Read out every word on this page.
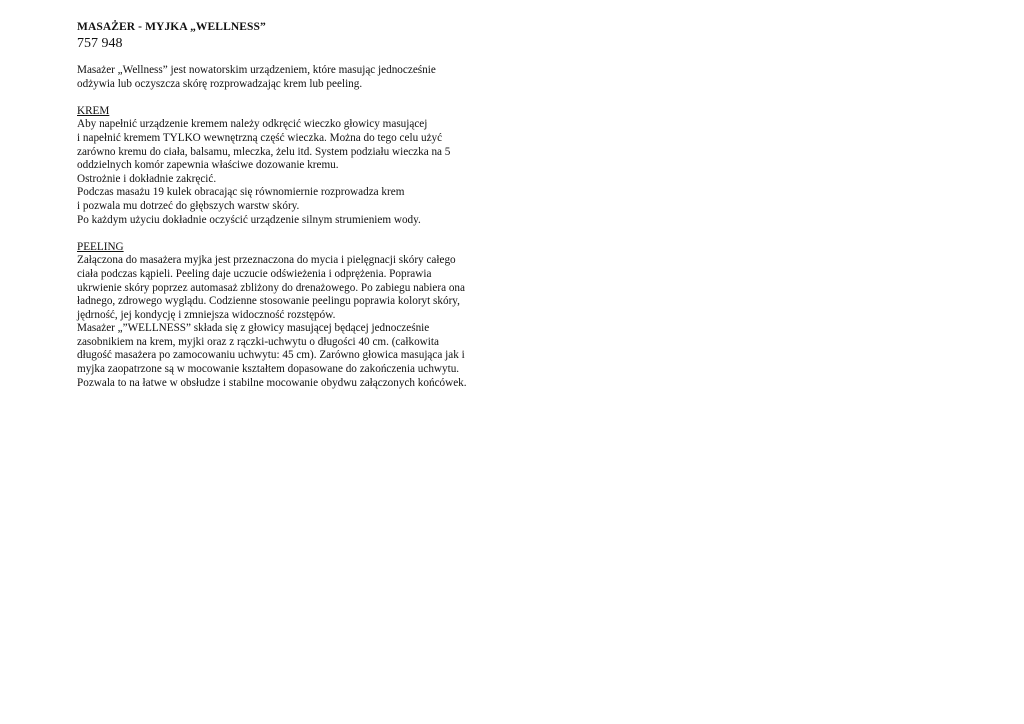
MASAŻER - MYJKA „WELLNESS”
757 948

Masażer „Wellness” jest nowatorskim urządzeniem, które masując jednocześnie
odżywia lub oczyszcza skórę rozprowadzając krem lub peeling.

KREM
Aby napełnić urządzenie kremem należy odkręcić wieczko głowicy masującej
i napełnić kremem TYLKO wewnętrzną część wieczka. Można do tego celu użyć
zarówno kremu do ciała, balsamu, mleczka, żelu itd. System podziału wieczka na 5
oddzielnych komór zapewnia właściwe dozowanie kremu.
Ostrożnie i dokładnie zakręcić.
Podczas masażu 19 kulek obracając się równomiernie rozprowadza krem
i pozwala mu dotrzeć do głębszych warstw skóry.
Po każdym użyciu dokładnie oczyścić urządzenie silnym strumieniem wody.

PEELING
Załączona do masażera myjka jest przeznaczona do mycia i pielęgnacji skóry całego
ciała podczas kąpieli. Peeling daje uczucie odświeżenia i odprężenia. Poprawia
ukrwienie skóry poprzez automasaż zbliżony do drenażowego. Po zabiegu nabiera ona
ładnego, zdrowego wyglądu. Codzienne stosowanie peelingu poprawia koloryt skóry,
jędrność, jej kondycję i zmniejsza widoczność rozstępów.
Masażer „”WELLNESS” składa się z głowicy masującej będącej jednocześnie
zasobnikiem na krem, myjki oraz z rączki-uchwytu o długości 40 cm. (całkowita
długość masażera po zamocowaniu uchwytu: 45 cm). Zarówno głowica masująca jak i
myjka zaopatrzone są w mocowanie kształtem dopasowane do zakończenia uchwytu.
Pozwala to na łatwe w obsłudze i stabilne mocowanie obydwu załączonych końcówek.
